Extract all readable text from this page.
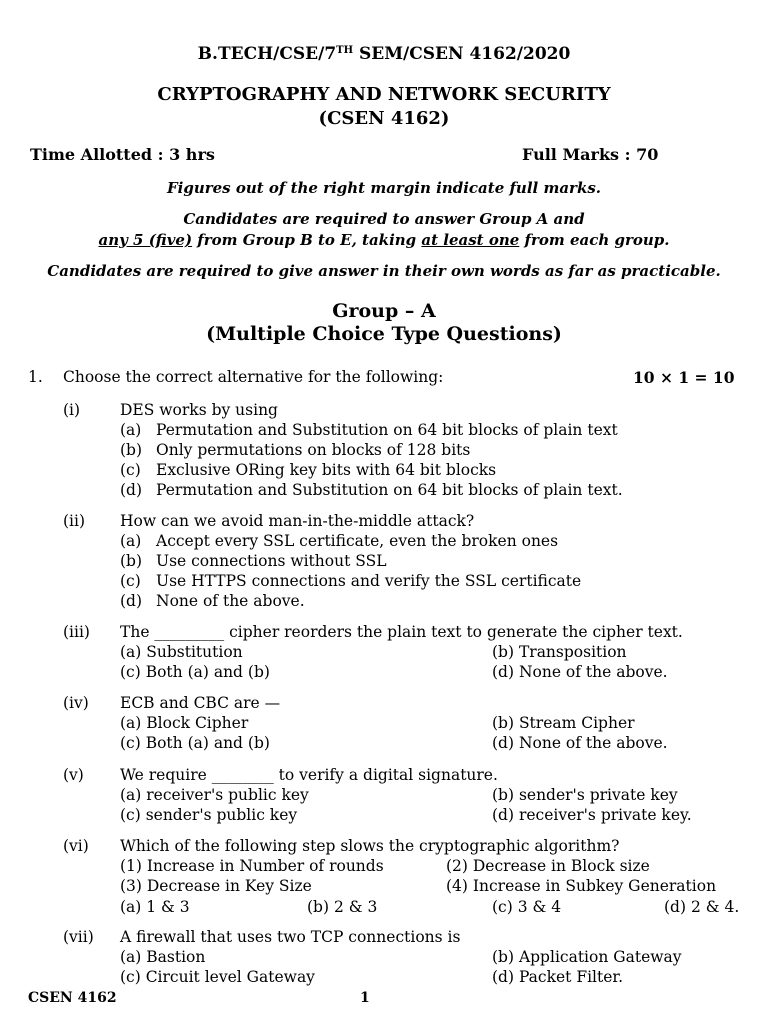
B.TECH/CSE/7TH SEM/CSEN 4162/2020
CRYPTOGRAPHY AND NETWORK SECURITY
(CSEN 4162)
Time Allotted : 3 hrs	Full Marks : 70
Figures out of the right margin indicate full marks.
Candidates are required to answer Group A and
any 5 (five) from Group B to E, taking at least one from each group.
Candidates are required to give answer in their own words as far as practicable.
Group – A
(Multiple Choice Type Questions)
1. Choose the correct alternative for the following:	10 × 1 = 10
(i)	DES works by using
(a) Permutation and Substitution on 64 bit blocks of plain text
(b) Only permutations on blocks of 128 bits
(c) Exclusive ORing key bits with 64 bit blocks
(d) Permutation and Substitution on 64 bit blocks of plain text.
(ii) How can we avoid man-in-the-middle attack?
(a) Accept every SSL certificate, even the broken ones
(b) Use connections without SSL
(c) Use HTTPS connections and verify the SSL certificate
(d) None of the above.
(iii) The _________ cipher reorders the plain text to generate the cipher text.
(a) Substitution	(b) Transposition
(c) Both (a) and (b)	(d) None of the above.
(iv) ECB and CBC are —
(a) Block Cipher	(b) Stream Cipher
(c) Both (a) and (b)	(d) None of the above.
(v) We require ________ to verify a digital signature.
(a) receiver's public key	(b) sender's private key
(c) sender's public key	(d) receiver's private key.
(vi) Which of the following step slows the cryptographic algorithm?
(1) Increase in Number of rounds	(2) Decrease in Block size
(3) Decrease in Key Size	(4) Increase in Subkey Generation
(a) 1 & 3	(b) 2 & 3	(c) 3 & 4	(d) 2 & 4.
(vii) A firewall that uses two TCP connections is
(a) Bastion	(b) Application Gateway
(c) Circuit level Gateway	(d) Packet Filter.
CSEN 4162	1
